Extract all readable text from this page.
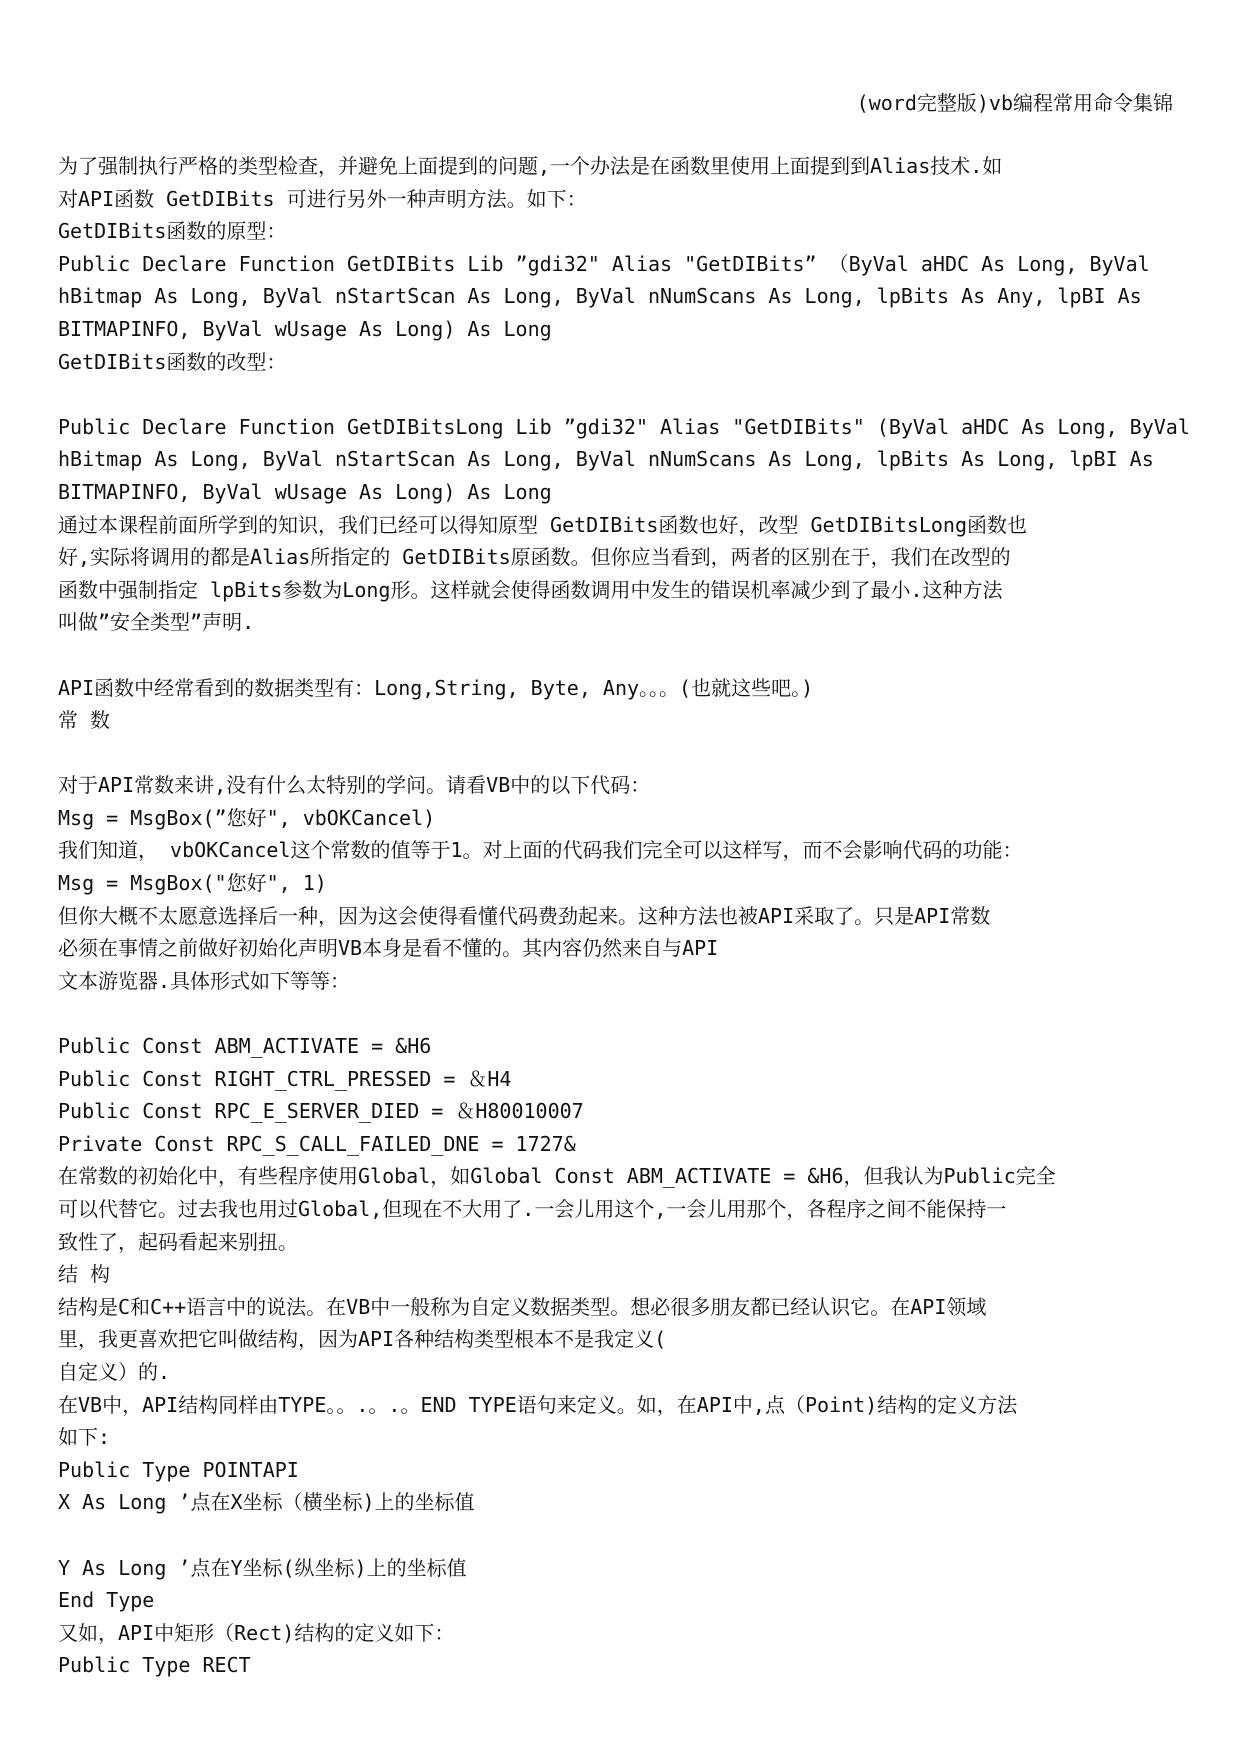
(word完整版)vb编程常用命令集锦
为了强制执行严格的类型检查，并避免上面提到的问题,一个办法是在函数里使用上面提到到Alias技术.如
对API函数 GetDIBits 可进行另外一种声明方法。如下：
GetDIBits函数的原型：
Public Declare Function GetDIBits Lib ”gdi32" Alias "GetDIBits” （ByVal aHDC As Long, ByVal
hBitmap As Long, ByVal nStartScan As Long, ByVal nNumScans As Long, lpBits As Any, lpBI As
BITMAPINFO, ByVal wUsage As Long) As Long
GetDIBits函数的改型：
Public Declare Function GetDIBitsLong Lib ”gdi32" Alias "GetDIBits" (ByVal aHDC As Long, ByVal
hBitmap As Long, ByVal nStartScan As Long, ByVal nNumScans As Long, lpBits As Long, lpBI As
BITMAPINFO, ByVal wUsage As Long) As Long
通过本课程前面所学到的知识，我们已经可以得知原型 GetDIBits函数也好，改型 GetDIBitsLong函数也
好,实际将调用的都是Alias所指定的 GetDIBits原函数。但你应当看到，两者的区别在于，我们在改型的
函数中强制指定 lpBits参数为Long形。这样就会使得函数调用中发生的错误机率减少到了最小.这种方法
叫做”安全类型”声明.
API函数中经常看到的数据类型有：Long,String, Byte, Any。。。(也就这些吧。)
常 数
对于API常数来讲,没有什么太特别的学问。请看VB中的以下代码：
Msg = MsgBox(”您好", vbOKCancel)
我们知道， vbOKCancel这个常数的值等于1。对上面的代码我们完全可以这样写，而不会影响代码的功能：
Msg = MsgBox("您好", 1)
但你大概不太愿意选择后一种，因为这会使得看懂代码费劲起来。这种方法也被API采取了。只是API常数
必须在事情之前做好初始化声明VB本身是看不懂的。其内容仍然来自与API
文本游览器.具体形式如下等等：
Public Const ABM_ACTIVATE = &H6
Public Const RIGHT_CTRL_PRESSED = ＆H4
Public Const RPC_E_SERVER_DIED = ＆H80010007
Private Const RPC_S_CALL_FAILED_DNE = 1727&
在常数的初始化中，有些程序使用Global，如Global Const ABM_ACTIVATE = &H6，但我认为Public完全
可以代替它。过去我也用过Global,但现在不大用了.一会儿用这个,一会儿用那个，各程序之间不能保持一
致性了，起码看起来别扭。
结 构
结构是C和C++语言中的说法。在VB中一般称为自定义数据类型。想必很多朋友都已经认识它。在API领域
里，我更喜欢把它叫做结构，因为API各种结构类型根本不是我定义(
自定义）的.
在VB中，API结构同样由TYPE。。.。.。END TYPE语句来定义。如，在API中,点（Point)结构的定义方法
如下:
Public Type POINTAPI
X As Long ’点在X坐标（横坐标)上的坐标值
Y As Long ’点在Y坐标(纵坐标)上的坐标值
End Type
又如，API中矩形（Rect)结构的定义如下：
Public Type RECT
